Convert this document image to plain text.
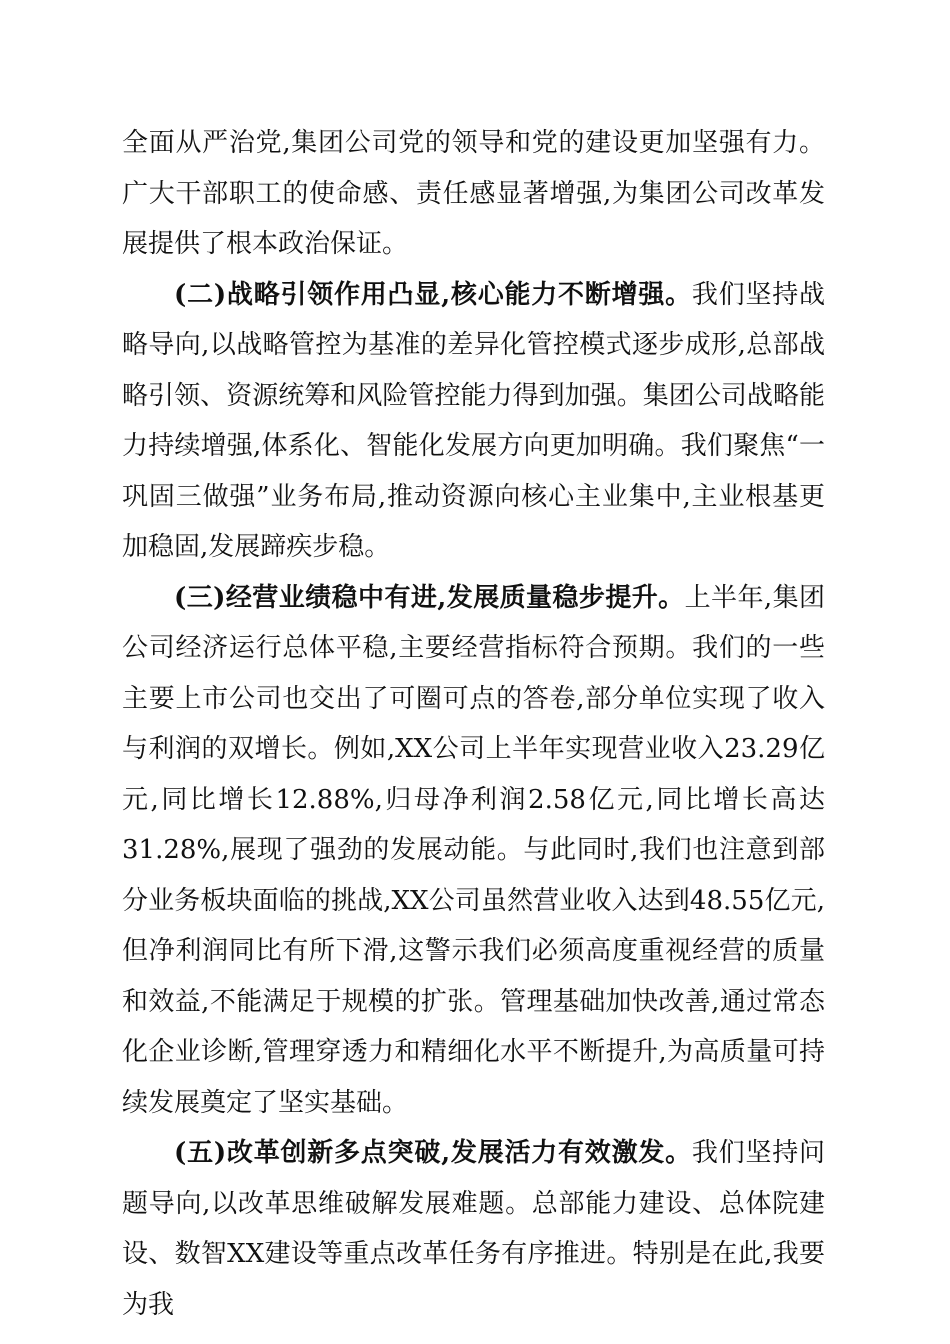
全面从严治党,集团公司党的领导和党的建设更加坚强有力。广大干部职工的使命感、责任感显著增强,为集团公司改革发展提供了根本政治保证。

(二)战略引领作用凸显,核心能力不断增强。我们坚持战略导向,以战略管控为基准的差异化管控模式逐步成形,总部战略引领、资源统筹和风险管控能力得到加强。集团公司战略能力持续增强,体系化、智能化发展方向更加明确。我们聚焦“一巩固三做强”业务布局,推动资源向核心主业集中,主业根基更加稳固,发展蹄疾步稳。

(三)经营业绩稳中有进,发展质量稳步提升。上半年,集团公司经济运行总体平稳,主要经营指标符合预期。我们的一些主要上市公司也交出了可圈可点的答卷,部分单位实现了收入与利润的双增长。例如,XX公司上半年实现营业收入23.29亿元,同比增长12.88%,归母净利润2.58亿元,同比增长高达31.28%,展现了强劲的发展动能。与此同时,我们也注意到部分业务板块面临的挑战,XX公司虽然营业收入达到48.55亿元,但净利润同比有所下滑,这警示我们必须高度重视经营的质量和效益,不能满足于规模的扩张。管理基础加快改善,通过常态化企业诊断,管理穿透力和精细化水平不断提升,为高质量可持续发展奠定了坚实基础。

(五)改革创新多点突破,发展活力有效激发。我们坚持问题导向,以改革思维破解发展难题。总部能力建设、总体院建设、数智XX建设等重点改革任务有序推进。特别是在此,我要为我
